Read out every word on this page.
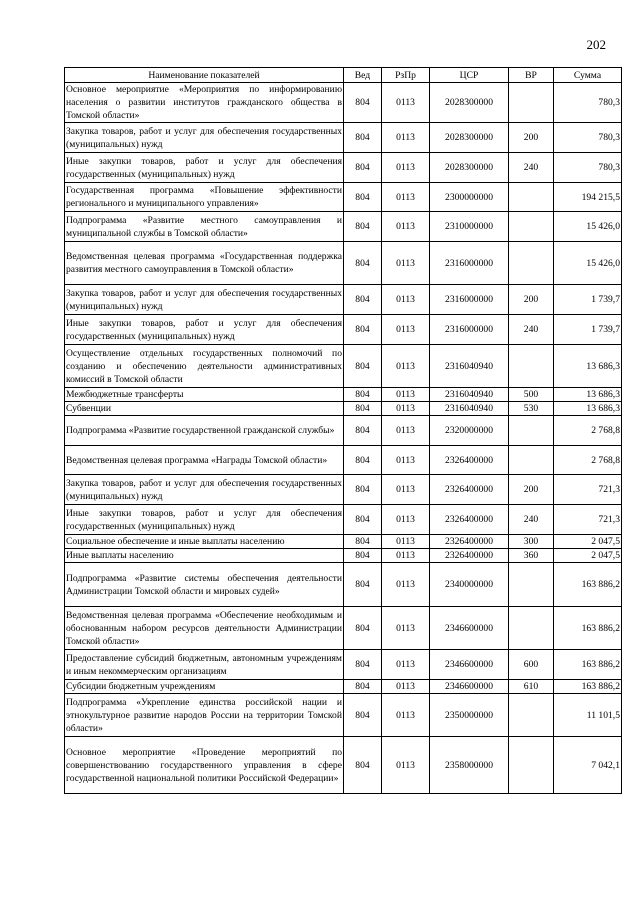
202
Наименование показателей	Вед	РзПр	ЦСР	ВР	Сумма
Основное мероприятие «Мероприятия по информированию населения о развитии институтов гражданского общества в Томской области»	804	0113	2028300000		780,3
Закупка товаров, работ и услуг для обеспечения государственных (муниципальных) нужд	804	0113	2028300000	200	780,3
Иные закупки товаров, работ и услуг для обеспечения государственных (муниципальных) нужд	804	0113	2028300000	240	780,3
Государственная программа «Повышение эффективности регионального и муниципального управления»	804	0113	2300000000		194 215,5
Подпрограмма «Развитие местного самоуправления и муниципальной службы в Томской области»	804	0113	2310000000		15 426,0
Ведомственная целевая программа «Государственная поддержка развития местного самоуправления в Томской области»	804	0113	2316000000		15 426,0
Закупка товаров, работ и услуг для обеспечения государственных (муниципальных) нужд	804	0113	2316000000	200	1 739,7
Иные закупки товаров, работ и услуг для обеспечения государственных (муниципальных) нужд	804	0113	2316000000	240	1 739,7
Осуществление отдельных государственных полномочий по созданию и обеспечению деятельности административных комиссий в Томской области	804	0113	2316040940		13 686,3
Межбюджетные трансферты	804	0113	2316040940	500	13 686,3
Субвенции	804	0113	2316040940	530	13 686,3
Подпрограмма «Развитие государственной гражданской службы»	804	0113	2320000000		2 768,8
Ведомственная целевая программа «Награды Томской области»	804	0113	2326400000		2 768,8
Закупка товаров, работ и услуг для обеспечения государственных (муниципальных) нужд	804	0113	2326400000	200	721,3
Иные закупки товаров, работ и услуг для обеспечения государственных (муниципальных) нужд	804	0113	2326400000	240	721,3
Социальное обеспечение и иные выплаты населению	804	0113	2326400000	300	2 047,5
Иные выплаты населению	804	0113	2326400000	360	2 047,5
Подпрограмма «Развитие системы обеспечения деятельности Администрации Томской области и мировых судей»	804	0113	2340000000		163 886,2
Ведомственная целевая программа «Обеспечение необходимым и обоснованным набором ресурсов деятельности Администрации Томской области»	804	0113	2346600000		163 886,2
Предоставление субсидий бюджетным, автономным учреждениям и иным некоммерческим организациям	804	0113	2346600000	600	163 886,2
Субсидии бюджетным учреждениям	804	0113	2346600000	610	163 886,2
Подпрограмма «Укрепление единства российской нации и этнокультурное развитие народов России на территории Томской области»	804	0113	2350000000		11 101,5
Основное мероприятие «Проведение мероприятий по совершенствованию государственного управления в сфере государственной национальной политики Российской Федерации»	804	0113	2358000000		7 042,1
